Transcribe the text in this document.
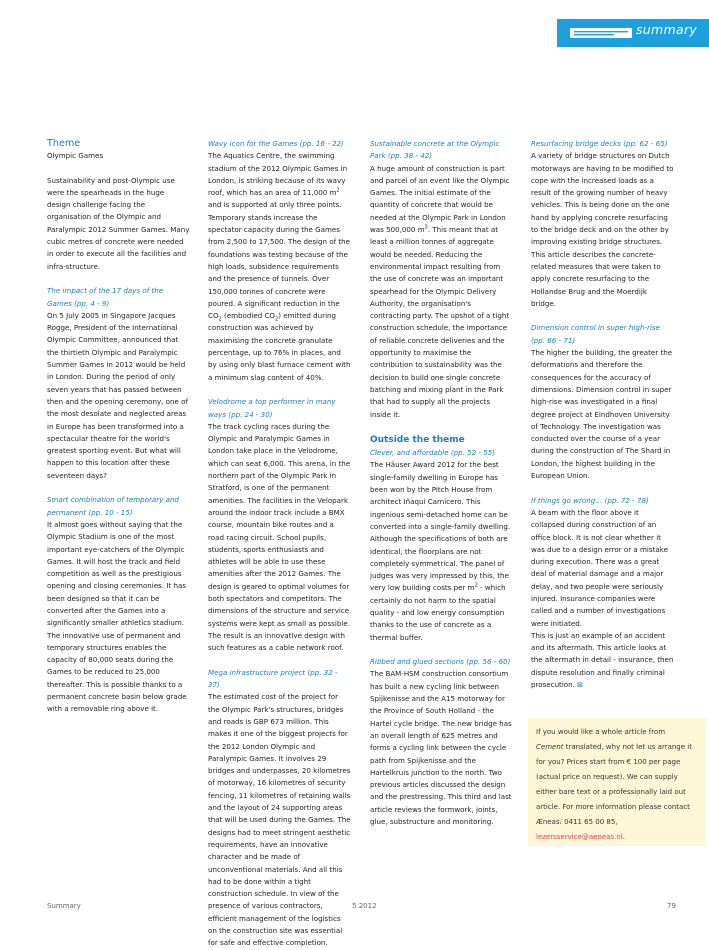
summary

Theme

Olympic Games

Sustainability and post-Olympic use were the spearheads in the huge design challenge facing the organisation of the Olympic and Paralympic 2012 Summer Games. Many cubic metres of concrete were needed in order to execute all the facilities and infra-structure.

The impact of the 17 days of the Games (pp. 4 - 9)

On 5 July 2005 in Singapore Jacques Rogge, President of the International Olympic Committee, announced that the thirtieth Olympic and Paralympic Summer Games in 2012 would be held in London. During the period of only seven years that has passed between then and the opening ceremony, one of the most desolate and neglected areas in Europe has been transformed into a spectacular theatre for the world's greatest sporting event. But what will happen to this location after these seventeen days?

Smart combination of temporary and permanent (pp. 10 - 15)

It almost goes without saying that the Olympic Stadium is one of the most important eye-catchers of the Olympic Games. It will host the track and field competition as well as the prestigious opening and closing ceremonies. It has been designed so that it can be converted after the Games into a significantly smaller athletics stadium. The innovative use of permanent and temporary structures enables the capacity of 80,000 seats during the Games to be reduced to 25,000 thereafter. This is possible thanks to a permanent concrete basin below grade with a removable ring above it.

Wavy icon for the Games (pp. 16 - 22)

The Aquatics Centre, the swimming stadium of the 2012 Olympic Games in London, is striking because of its wavy roof, which has an area of 11,000 $m^2$ and is supported at only three points. Temporary stands increase the spectator capacity during the Games from 2,500 to 17,500. The design of the foundations was testing because of the high loads, subsidence requirements and the presence of tunnels. Over 150,000 tonnes of concrete were poured. A significant reduction in the $CO_2$ (embodied $CO_2$) emitted during construction was achieved by maximising the concrete granulate percentage, up to 76% in places, and by using only blast furnace cement with a minimum slag content of 40%.

Velodrome a top performer in many ways (pp. 24 - 30)

The track cycling races during the Olympic and Paralympic Games in London take place in the Velodrome, which can seat 6,000. This arena, in the northern part of the Olympic Park in Stratford, is one of the permanent amenities. The facilities in the Velopark around the indoor track include a BMX course, mountain bike routes and a road racing circuit. School pupils, students, sports enthusiasts and athletes will be able to use these amenities after the 2012 Games. The design is geared to optimal volumes for both spectators and competitors. The dimensions of the structure and service systems were kept as small as possible. The result is an innovative design with such features as a cable network roof.

Mega infrastructure project (pp. 32 - 37)

The estimated cost of the project for the Olympic Park's structures, bridges and roads is GBP 673 million. This makes it one of the biggest projects for the 2012 London Olympic and Paralympic Games. It involves 29 bridges and underpasses, 20 kilometres of motorway, 16 kilometres of security fencing, 11 kilometres of retaining walls and the layout of 24 supporting areas that will be used during the Games. The designs had to meet stringent aesthetic requirements, have an innovative character and be made of unconventional materials. And all this had to be done within a tight construction schedule. In view of the presence of various contractors, efficient management of the logistics on the construction site was essential for safe and effective completion.

Sustainable concrete at the Olympic Park (pp. 38 - 42)

A huge amount of construction is part and parcel of an event like the Olympic Games. The initial estimate of the quantity of concrete that would be needed at the Olympic Park in London was 500,000 $m^3$. This meant that at least a million tonnes of aggregate would be needed. Reducing the environmental impact resulting from the use of concrete was an important spearhead for the Olympic Delivery Authority, the organisation's contracting party. The upshot of a tight construction schedule, the importance of reliable concrete deliveries and the opportunity to maximise the contribution to sustainability was the decision to build one single concrete batching and mixing plant in the Park that had to supply all the projects inside it.

Outside the theme

Clever, and affordable (pp. 52 - 55)

The Häuser Award 2012 for the best single-family dwelling in Europe has been won by the Pitch House from architect Iñaqui Carnicero. This ingenious semi-detached home can be converted into a single-family dwelling. Although the specifications of both are identical, the floorplans are not completely symmetrical. The panel of judges was very impressed by this, the very low building costs per $m^2$ - which certainly do not harm to the spatial quality - and low energy consumption thanks to the use of concrete as a thermal buffer.

Ribbed and glued sections (pp. 56 - 60)

The BAM-HSM construction consortium has built a new cycling link between Spijkenisse and the A15 motorway for the Province of South Holland - the Hartel cycle bridge. The new bridge has an overall length of 625 metres and forms a cycling link between the cycle path from Spijkenisse and the Hartelkruis junction to the north. Two previous articles discussed the design and the prestressing. This third and last article reviews the formwork, joints, glue, substructure and monitoring.

Resurfacing bridge decks (pp. 62 - 65)

A variety of bridge structures on Dutch motorways are having to be modified to cope with the increased loads as a result of the growing number of heavy vehicles. This is being done on the one hand by applying concrete resurfacing to the bridge deck and on the other by improving existing bridge structures. This article describes the concrete-related measures that were taken to apply concrete resurfacing to the Hollandse Brug and the Moerdijk bridge.

Dimension control in super high-rise (pp. 66 - 71)

The higher the building, the greater the deformations and therefore the consequences for the accuracy of dimensions. Dimension control in super high-rise was investigated in a final degree project at Eindhoven University of Technology. The investigation was conducted over the course of a year during the construction of The Shard in London, the highest building in the European Union.

If things go wrong… (pp. 72 - 78)

A beam with the floor above it collapsed during construction of an office block. It is not clear whether it was due to a design error or a mistake during execution. There was a great deal of material damage and a major delay, and two people were seriously injured. Insurance companies were called and a number of investigations were initiated.

This is just an example of an accident and its aftermath. This article looks at the aftermath in detail - insurance, then dispute resolution and finally criminal prosecution. ⊠

If you would like a whole article from
Cement translated, why not let us arrange it for you? Prices start from € 100 per page (actual price on request). We can supply either bare text or a professionally laid out article. For more information please contact Æneas: 0411 65 00 85, lezersservice@aeneas.nl.
Summary	5 2012	79
